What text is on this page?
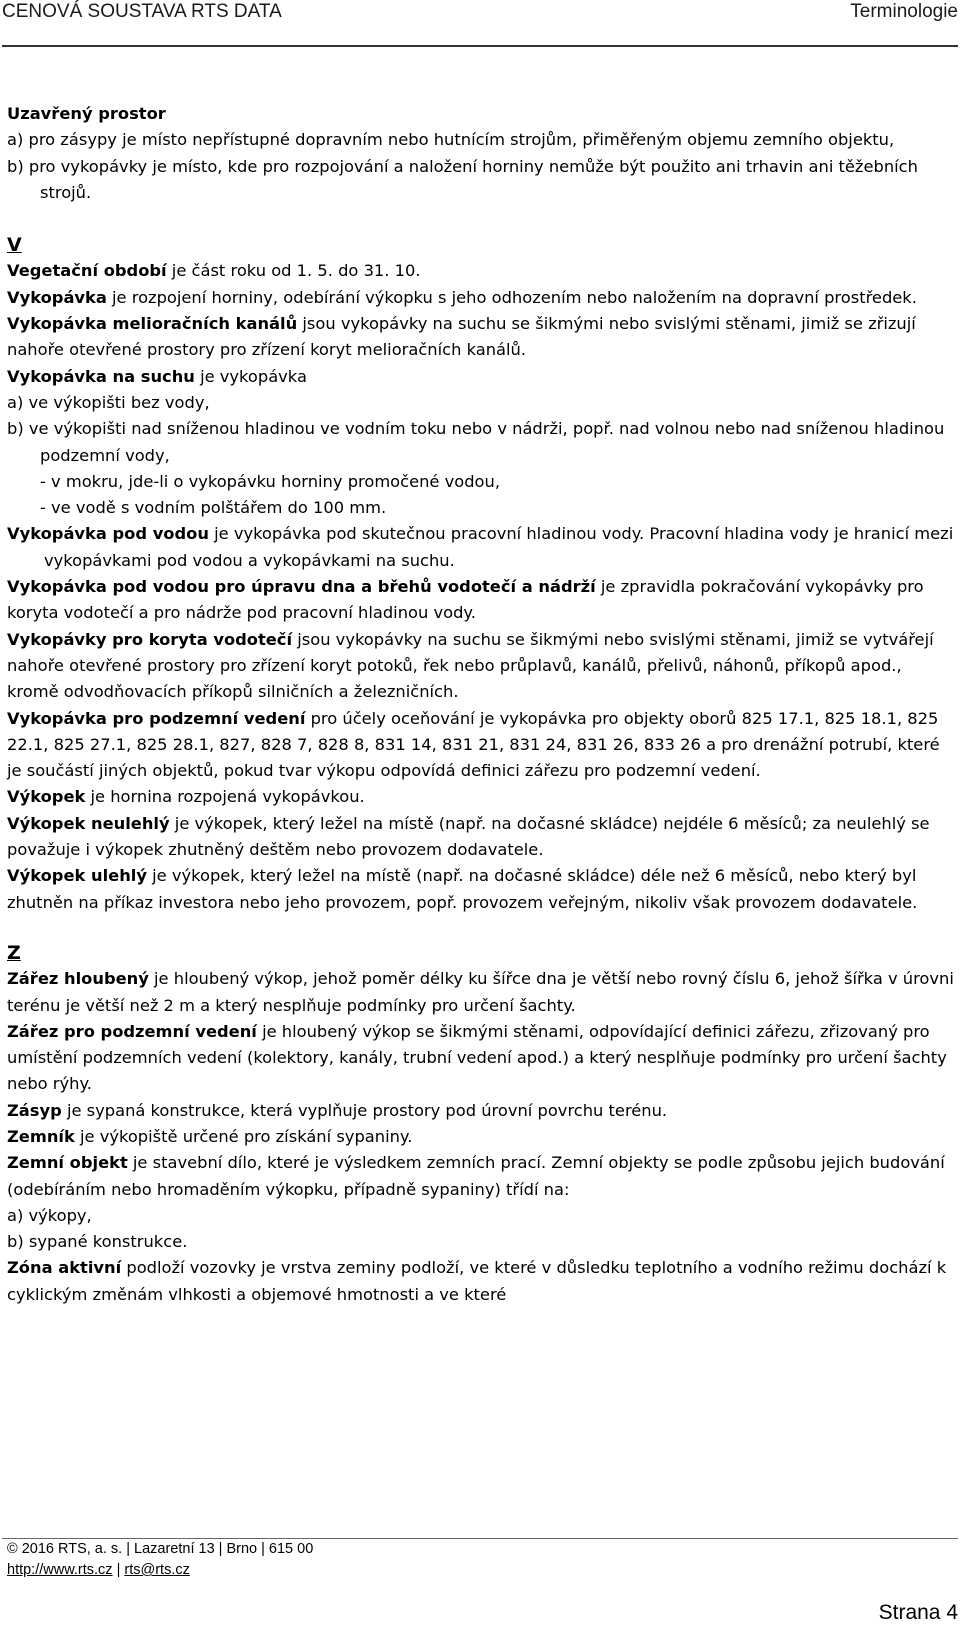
CENOVÁ SOUSTAVA RTS DATA	Terminologie

Uzavřený prostor

a) pro zásypy je místo nepřístupné dopravním nebo hutnícím strojům, přiměřeným objemu zemního objektu,

b) pro vykopávky je místo, kde pro rozpojování a naložení horniny nemůže být použito ani trhavin ani těžebních strojů.

V

Vegetační období je část roku od 1. 5. do 31. 10.

Vykopávka je rozpojení horniny, odebírání výkopku s jeho odhozením nebo naložením na dopravní prostředek.

Vykopávka melioračních kanálů jsou vykopávky na suchu se šikmými nebo svislými stěnami, jimiž se zřizují nahoře otevřené prostory pro zřízení koryt melioračních kanálů.

Vykopávka na suchu je vykopávka

a) ve výkopišti bez vody,

b) ve výkopišti nad sníženou hladinou ve vodním toku nebo v nádrži, popř. nad volnou nebo nad sníženou hladinou podzemní vody,

- v mokru, jde-li o vykopávku horniny promočené vodou,

- ve vodě s vodním polštářem do 100 mm.

Vykopávka pod vodou je vykopávka pod skutečnou pracovní hladinou vody. Pracovní hladina vody je hranicí mezi vykopávkami pod vodou a vykopávkami na suchu.

Vykopávka pod vodou pro úpravu dna a břehů vodotečí a nádrží je zpravidla pokračování vykopávky pro koryta vodotečí a pro nádrže pod pracovní hladinou vody.

Vykopávky pro koryta vodotečí jsou vykopávky na suchu se šikmými nebo svislými stěnami, jimiž se vytvářejí nahoře otevřené prostory pro zřízení koryt potoků, řek nebo průplavů, kanálů, přelivů, náhonů, příkopů apod., kromě odvodňovacích příkopů silničních a železničních.

Vykopávka pro podzemní vedení pro účely oceňování je vykopávka pro objekty oborů 825 17.1, 825 18.1, 825 22.1, 825 27.1, 825 28.1, 827, 828 7, 828 8, 831 14, 831 21, 831 24, 831 26, 833 26 a pro drenážní potrubí, které je součástí jiných objektů, pokud tvar výkopu odpovídá definici zářezu pro podzemní vedení.

Výkopek je hornina rozpojená vykopávkou.

Výkopek neulehlý je výkopek, který ležel na místě (např. na dočasné skládce) nejdéle 6 měsíců; za neulehlý se považuje i výkopek zhutněný deštěm nebo provozem dodavatele.

Výkopek ulehlý je výkopek, který ležel na místě (např. na dočasné skládce) déle než 6 měsíců, nebo který byl zhutněn na příkaz investora nebo jeho provozem, popř. provozem veřejným, nikoliv však provozem dodavatele.

Z

Zářez hloubený je hloubený výkop, jehož poměr délky ku šířce dna je větší nebo rovný číslu 6, jehož šířka v úrovni terénu je větší než 2 m a který nesplňuje podmínky pro určení šachty.

Zářez pro podzemní vedení je hloubený výkop se šikmými stěnami, odpovídající definici zářezu, zřizovaný pro umístění podzemních vedení (kolektory, kanály, trubní vedení apod.) a který nesplňuje podmínky pro určení šachty nebo rýhy.

Zásyp je sypaná konstrukce, která vyplňuje prostory pod úrovní povrchu terénu.

Zemník je výkopiště určené pro získání sypaniny.

Zemní objekt je stavební dílo, které je výsledkem zemních prací. Zemní objekty se podle způsobu jejich budování (odebíráním nebo hromaděním výkopku, případně sypaniny) třídí na:

a) výkopy,

b) sypané konstrukce.

Zóna aktivní podloží vozovky je vrstva zeminy podloží, ve které v důsledku teplotního a vodního režimu dochází k cyklickým změnám vlhkosti a objemové hmotnosti a ve které

© 2016 RTS, a. s. | Lazaretní 13 | Brno | 615 00
http://www.rts.cz | rts@rts.cz
Strana 4
